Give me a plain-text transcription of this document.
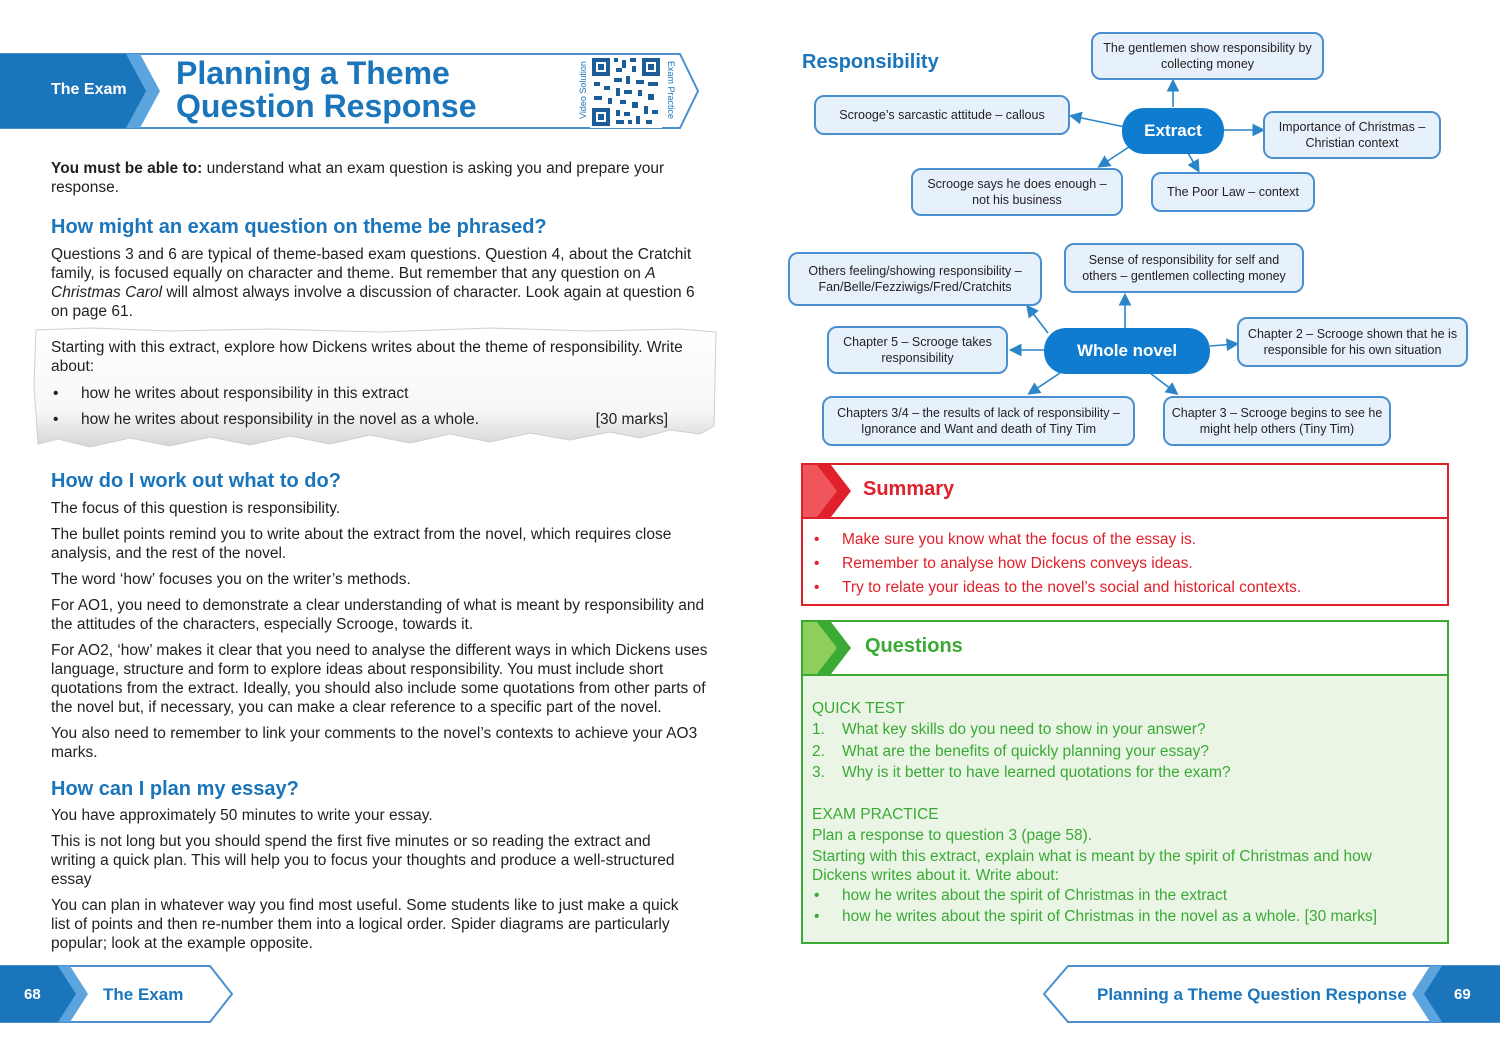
The Exam Planning a Theme
Question Response	Video Solution	Exam Practice
You must be able to: understand what an exam question is asking you and prepare your response.
How might an exam question on theme be phrased?
Questions 3 and 6 are typical of theme-based exam questions. Question 4, about the Cratchit family, is focused equally on character and theme. But remember that any question on A Christmas Carol will almost always involve a discussion of character. Look again at question 6 on page 61.
Starting with this extract, explore how Dickens writes about the theme of responsibility. Write about:
• how he writes about responsibility in this extract
• how he writes about responsibility in the novel as a whole.	[30 marks]
How do I work out what to do?
The focus of this question is responsibility.
The bullet points remind you to write about the extract from the novel, which requires close analysis, and the rest of the novel.
The word ‘how’ focuses you on the writer’s methods.
For AO1, you need to demonstrate a clear understanding of what is meant by responsibility and the attitudes of the characters, especially Scrooge, towards it.
For AO2, ‘how’ makes it clear that you need to analyse the different ways in which Dickens uses language, structure and form to explore ideas about responsibility. You must include short quotations from the extract. Ideally, you should also include some quotations from other parts of the novel but, if necessary, you can make a clear reference to a specific part of the novel.
You also need to remember to link your comments to the novel’s contexts to achieve your AO3 marks.
How can I plan my essay?
You have approximately 50 minutes to write your essay.
This is not long but you should spend the first five minutes or so reading the extract and writing a quick plan. This will help you to focus your thoughts and produce a well-structured essay
You can plan in whatever way you find most useful. Some students like to just make a quick list of points and then re-number them into a logical order. Spider diagrams are particularly popular; look at the example opposite.
68	The Exam
Responsibility
Extract
The gentlemen show responsibility by collecting money
Scrooge’s sarcastic attitude – callous
Importance of Christmas – Christian context
Scrooge says he does enough – not his business
The Poor Law – context
Whole novel
Others feeling/showing responsibility – Fan/Belle/Fezziwigs/Fred/Cratchits
Sense of responsibility for self and others – gentlemen collecting money
Chapter 5 – Scrooge takes responsibility
Chapter 2 – Scrooge shown that he is responsible for his own situation
Chapters 3/4 – the results of lack of responsibility – Ignorance and Want and death of Tiny Tim
Chapter 3 – Scrooge begins to see he might help others (Tiny Tim)
Summary
• Make sure you know what the focus of the essay is.
• Remember to analyse how Dickens conveys ideas.
• Try to relate your ideas to the novel’s social and historical contexts.
Questions
QUICK TEST
1.	What key skills do you need to show in your answer?
2.	What are the benefits of quickly planning your essay?
3.	Why is it better to have learned quotations for the exam?
EXAM PRACTICE
Plan a response to question 3 (page 58).
Starting with this extract, explain what is meant by the spirit of Christmas and how Dickens writes about it. Write about:
• how he writes about the spirit of Christmas in the extract
• how he writes about the spirit of Christmas in the novel as a whole. [30 marks]
Planning a Theme Question Response	69
